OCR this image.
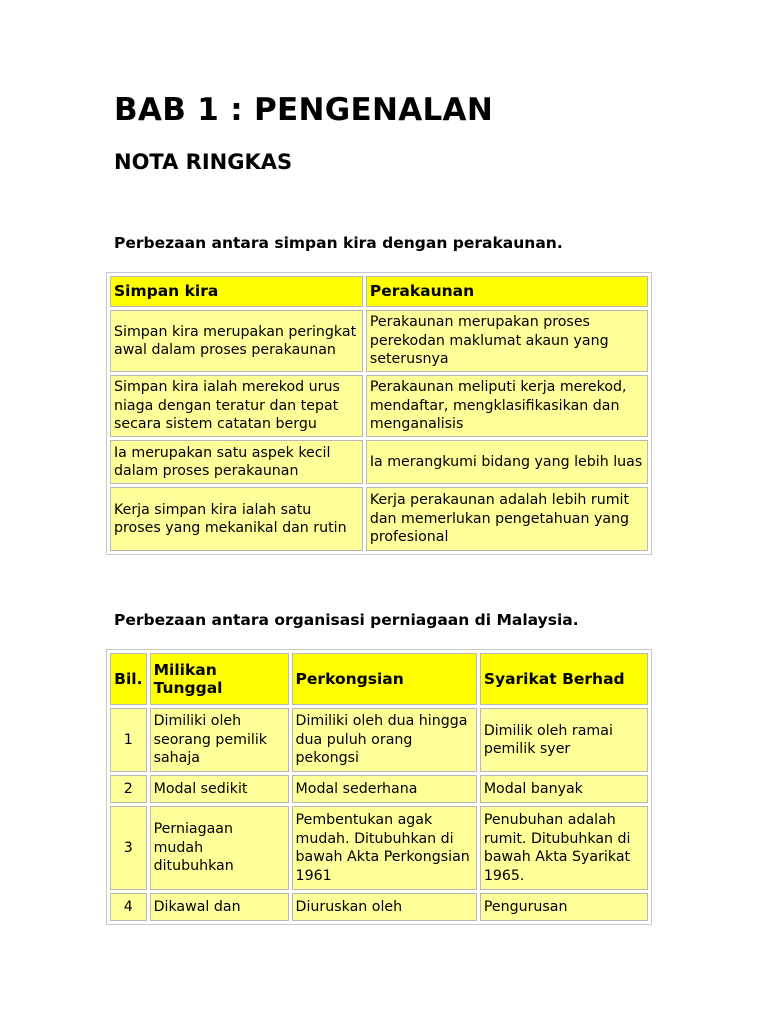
BAB 1 : PENGENALAN
NOTA RINGKAS

Perbezaan antara simpan kira dengan perakaunan.

Simpan kira	Perakaunan
Simpan kira merupakan peringkat awal dalam proses perakaunan	Perakaunan merupakan proses perekodan maklumat akaun yang seterusnya
Simpan kira ialah merekod urus niaga dengan teratur dan tepat secara sistem catatan bergu	Perakaunan meliputi kerja merekod, mendaftar, mengklasifikasikan dan menganalisis
Ia merupakan satu aspek kecil dalam proses perakaunan	Ia merangkumi bidang yang lebih luas
Kerja simpan kira ialah satu proses yang mekanikal dan rutin	Kerja perakaunan adalah lebih rumit dan memerlukan pengetahuan yang profesional

Perbezaan antara organisasi perniagaan di Malaysia.

Bil.	Milikan Tunggal	Perkongsian	Syarikat Berhad
1	Dimiliki oleh seorang pemilik sahaja	Dimiliki oleh dua hingga dua puluh orang pekongsi	Dimilik oleh ramai pemilik syer
2	Modal sedikit	Modal sederhana	Modal banyak
3	Perniagaan mudah ditubuhkan	Pembentukan agak mudah. Ditubuhkan di bawah Akta Perkongsian 1961	Penubuhan adalah rumit. Ditubuhkan di bawah Akta Syarikat 1965.
4	Dikawal dan	Diuruskan oleh	Pengurusan
